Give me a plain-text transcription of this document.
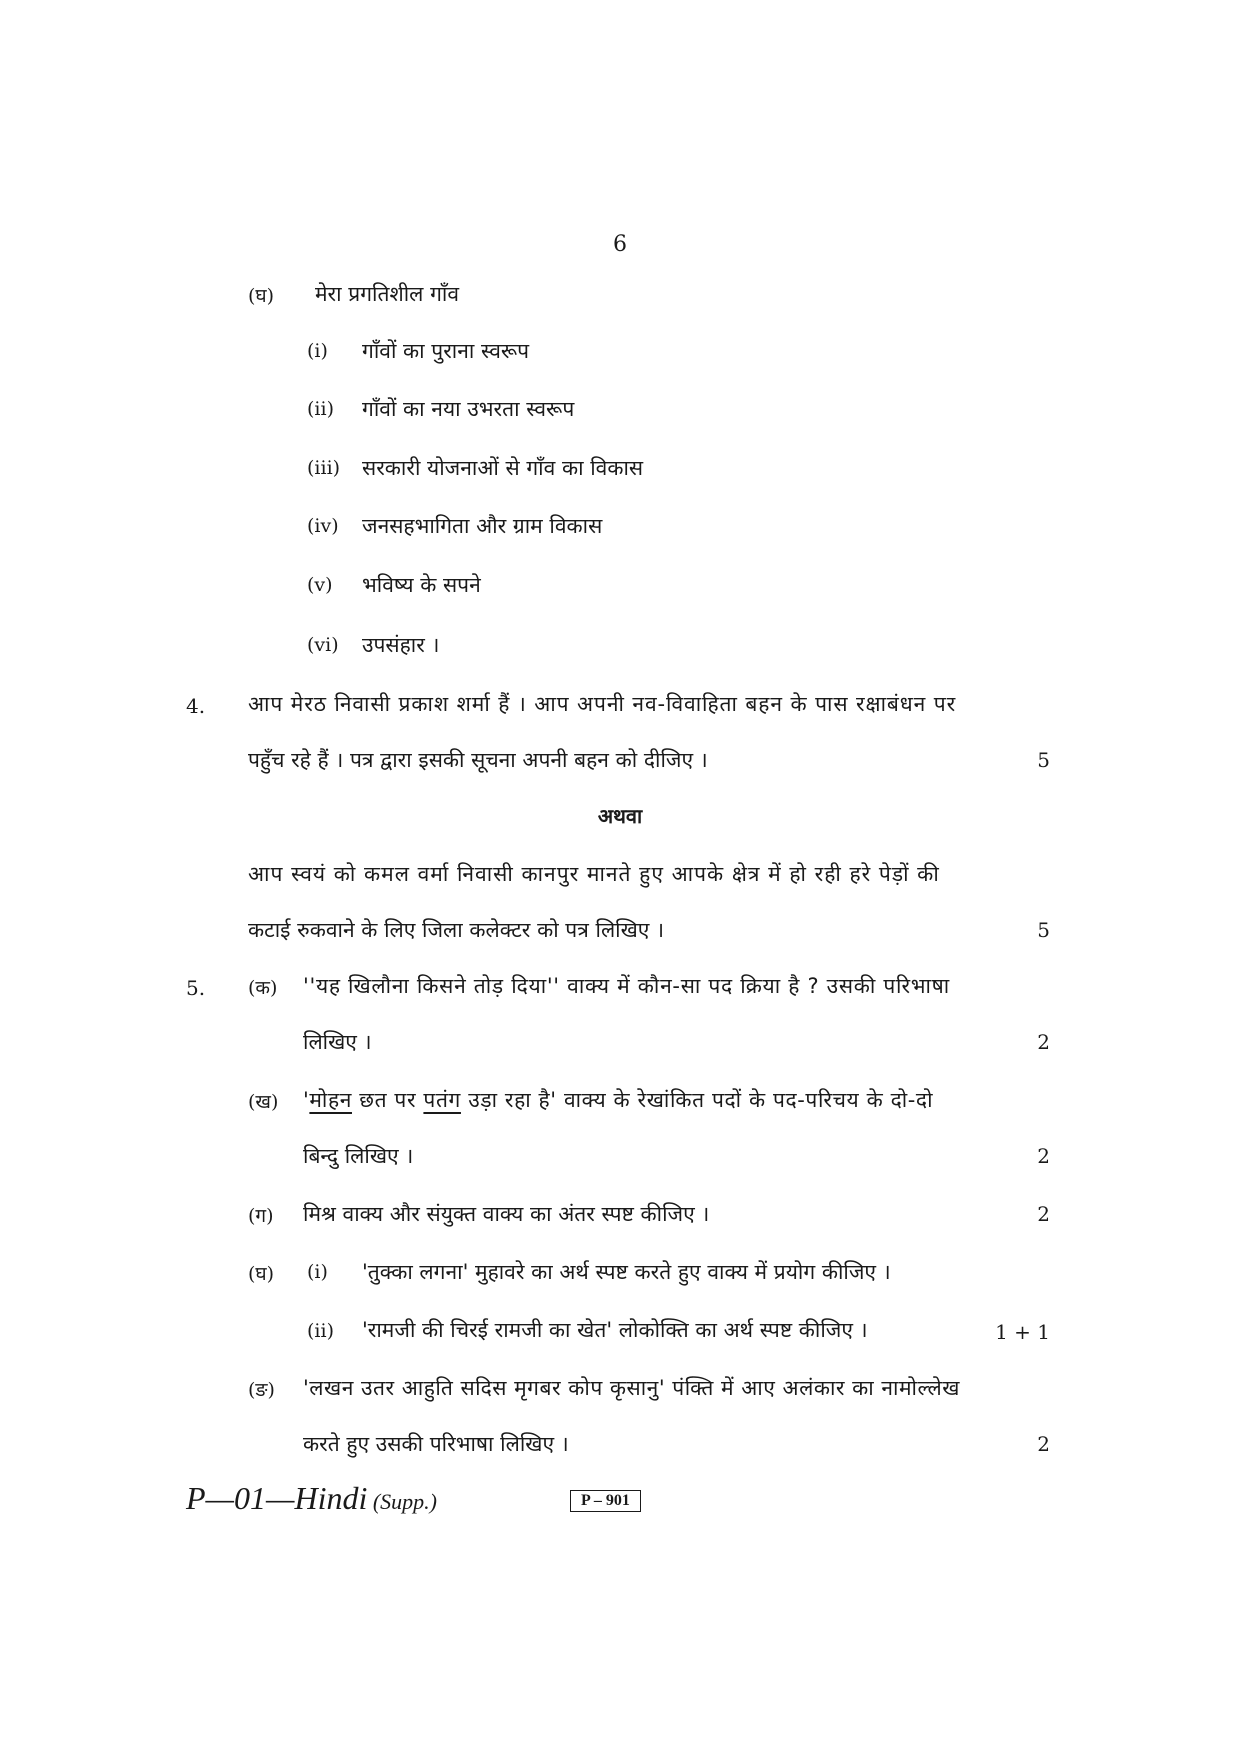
6
(घ) मेरा प्रगतिशील गाँव
(i) गाँवों का पुराना स्वरूप
(ii) गाँवों का नया उभरता स्वरूप
(iii) सरकारी योजनाओं से गाँव का विकास
(iv) जनसहभागिता और ग्राम विकास
(v) भविष्य के सपने
(vi) उपसंहार ।
4. आप मेरठ निवासी प्रकाश शर्मा हैं । आप अपनी नव-विवाहिता बहन के पास रक्षाबंधन पर
पहुँच रहे हैं । पत्र द्वारा इसकी सूचना अपनी बहन को दीजिए ।	5
अथवा
आप स्वयं को कमल वर्मा निवासी कानपुर मानते हुए आपके क्षेत्र में हो रही हरे पेड़ों की
कटाई रुकवाने के लिए जिला कलेक्टर को पत्र लिखिए ।	5
5. (क) ''यह खिलौना किसने तोड़ दिया'' वाक्य में कौन-सा पद क्रिया है ? उसकी परिभाषा
लिखिए ।	2
(ख) 'मोहन छत पर पतंग उड़ा रहा है' वाक्य के रेखांकित पदों के पद-परिचय के दो-दो
बिन्दु लिखिए ।	2
(ग) मिश्र वाक्य और संयुक्त वाक्य का अंतर स्पष्ट कीजिए ।	2
(घ) (i) 'तुक्का लगना' मुहावरे का अर्थ स्पष्ट करते हुए वाक्य में प्रयोग कीजिए ।
(ii) 'रामजी की चिरई रामजी का खेत' लोकोक्ति का अर्थ स्पष्ट कीजिए ।	1 + 1
(ङ) 'लखन उतर आहुति सदिस मृगबर कोप कृसानु' पंक्ति में आए अलंकार का नामोल्लेख
करते हुए उसकी परिभाषा लिखिए ।	2
P—01—Hindi (Supp.)	P – 901
